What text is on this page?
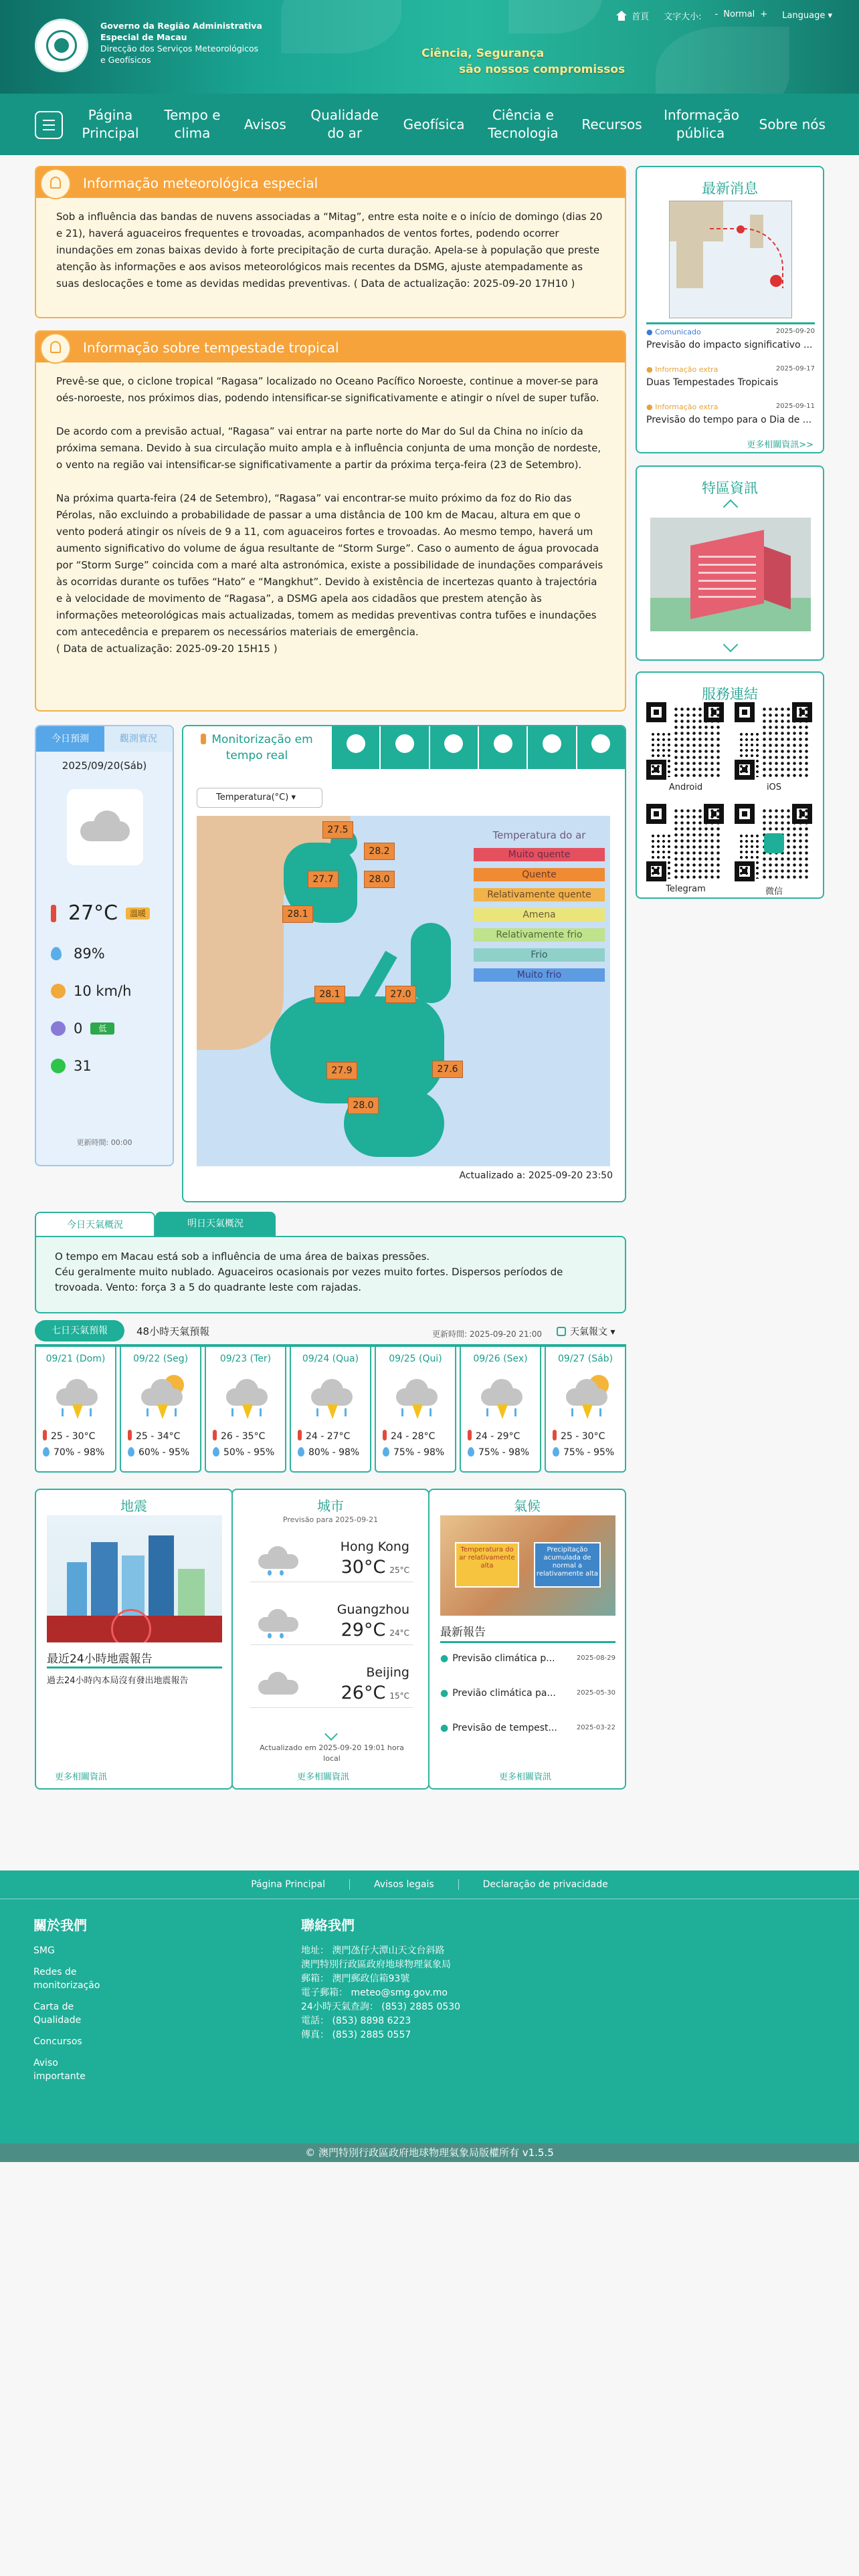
Governo da Região Administrativa
Especial de Macau
Direcção dos Serviços Meteorológicos
e Geofísicos	Ciência, Segurança
são nossos compromissos
首頁 文字大小: - Normal + Language ▾
Página Principal
Tempo e clima
Avisos
Qualidade do ar
Geofísica
Ciência e Tecnologia
Recursos
Informação pública
Sobre nós
Informação meteorológica especial

Sob a influência das bandas de nuvens associadas a “Mitag”, entre esta noite e o início de domingo (dias 20 e 21), haverá aguaceiros frequentes e trovoadas, acompanhados de ventos fortes, podendo ocorrer inundações em zonas baixas devido à forte precipitação de curta duração. Apela-se à população que preste atenção às informações e aos avisos meteorológicos mais recentes da DSMG, ajuste atempadamente as suas deslocações e tome as devidas medidas preventivas. ( Data de actualização: 2025-09-20 17H10 )

Informação sobre tempestade tropical

Prevê-se que, o ciclone tropical “Ragasa” localizado no Oceano Pacífico Noroeste, continue a mover-se para oés-noroeste, nos próximos dias, podendo intensificar-se significativamente e atingir o nível de super tufão.

De acordo com a previsão actual, “Ragasa” vai entrar na parte norte do Mar do Sul da China no início da próxima semana. Devido à sua circulação muito ampla e à influência conjunta de uma monção de nordeste, o vento na região vai intensificar-se significativamente a partir da próxima terça-feira (23 de Setembro).

Na próxima quarta-feira (24 de Setembro), “Ragasa” vai encontrar-se muito próximo da foz do Rio das Pérolas, não excluindo a probabilidade de passar a uma distância de 100 km de Macau, altura em que o vento poderá atingir os níveis de 9 a 11, com aguaceiros fortes e trovoadas. Ao mesmo tempo, haverá um aumento significativo do volume de água resultante de “Storm Surge”. Caso o aumento de água provocada por “Storm Surge” coincida com a maré alta astronómica, existe a possibilidade de inundações comparáveis às ocorridas durante os tufões “Hato” e “Mangkhut”. Devido à existência de incertezas quanto à trajectória e à velocidade de movimento de “Ragasa”, a DSMG apela aos cidadãos que prestem atenção às informações meteorológicas mais actualizadas, tomem as medidas preventivas contra tufões e inundações com antecedência e preparem os necessários materiais de emergência.

( Data de actualização: 2025-09-20 15H15 )

最新消息
● Comunicado	2025-09-20
Previsão do impacto significativo ...
● Informação extra	2025-09-17
Duas Tempestades Tropicais
● Informação extra	2025-09-11
Previsão do tempo para o Dia de ...
更多相關資訊>>
特區資訊
服務連結
Android	iOS
Telegram	微信
今日預測	觀測實況
2025/09/20(Sáb)
27°C	溫暖
89%
10 km/h
0	低
31
更新時間: 00:00
Monitorização em tempo real
Temperatura(°C) ▾
27.5
28.2
27.7	28.0
28.1
28.1	27.0
27.9	27.6
28.0
Temperatura do ar
Muito quente
Quente
Relativamente quente
Amena
Relativamente frio
Frio
Muito frio
Actualizado a: 2025-09-20 23:50
今日天氣概況	明日天氣概況
O tempo em Macau está sob a influência de uma área de baixas pressões.
Céu geralmente muito nublado. Aguaceiros ocasionais por vezes muito fortes. Dispersos períodos de trovoada. Vento: força 3 a 5 do quadrante leste com rajadas.
七日天氣預報	48小時天氣預報	更新時間: 2025-09-20 21:00	天氣報文 ▾
09/21 (Dom)
25 - 30°C
70% - 98%
09/22 (Seg)
25 - 34°C
60% - 95%
09/23 (Ter)
26 - 35°C
50% - 95%
09/24 (Qua)
24 - 27°C
80% - 98%
09/25 (Qui)
24 - 28°C
75% - 98%
09/26 (Sex)
24 - 29°C
75% - 98%
09/27 (Sáb)
25 - 30°C
75% - 95%
地震
最近24小時地震報告
過去24小時內本局沒有發出地震報告
更多相關資訊
城市
Previsão para 2025-09-21
Hong Kong
30°C 25°C
Guangzhou
29°C 24°C
Beijing
26°C 15°C
Actualizado em 2025-09-20 19:01 hora local
更多相關資訊
氣候
Temperatura do ar relativamente alta
Precipitação acumulada de normal a relativamente alta
最新報告
● Previsão climática p...	2025-08-29
● Previão climática pa...	2025-05-30
● Previsão de tempest...	2025-03-22
更多相關資訊
Página Principal	Avisos legais	Declaração de privacidade
關於我們
SMG
Redes de monitorização
Carta de Qualidade
Concursos
Aviso importante
聯絡我們
地址： 澳門氹仔大潭山天文台斜路
澳門特別行政區政府地球物理氣象局
郵箱： 澳門郵政信箱93號
電子郵箱： meteo@smg.gov.mo
24小時天氣查詢： (853) 2885 0530
電話： (853) 8898 6223
傳真： (853) 2885 0557
© 澳門特別行政區政府地球物理氣象局版權所有 v1.5.5
